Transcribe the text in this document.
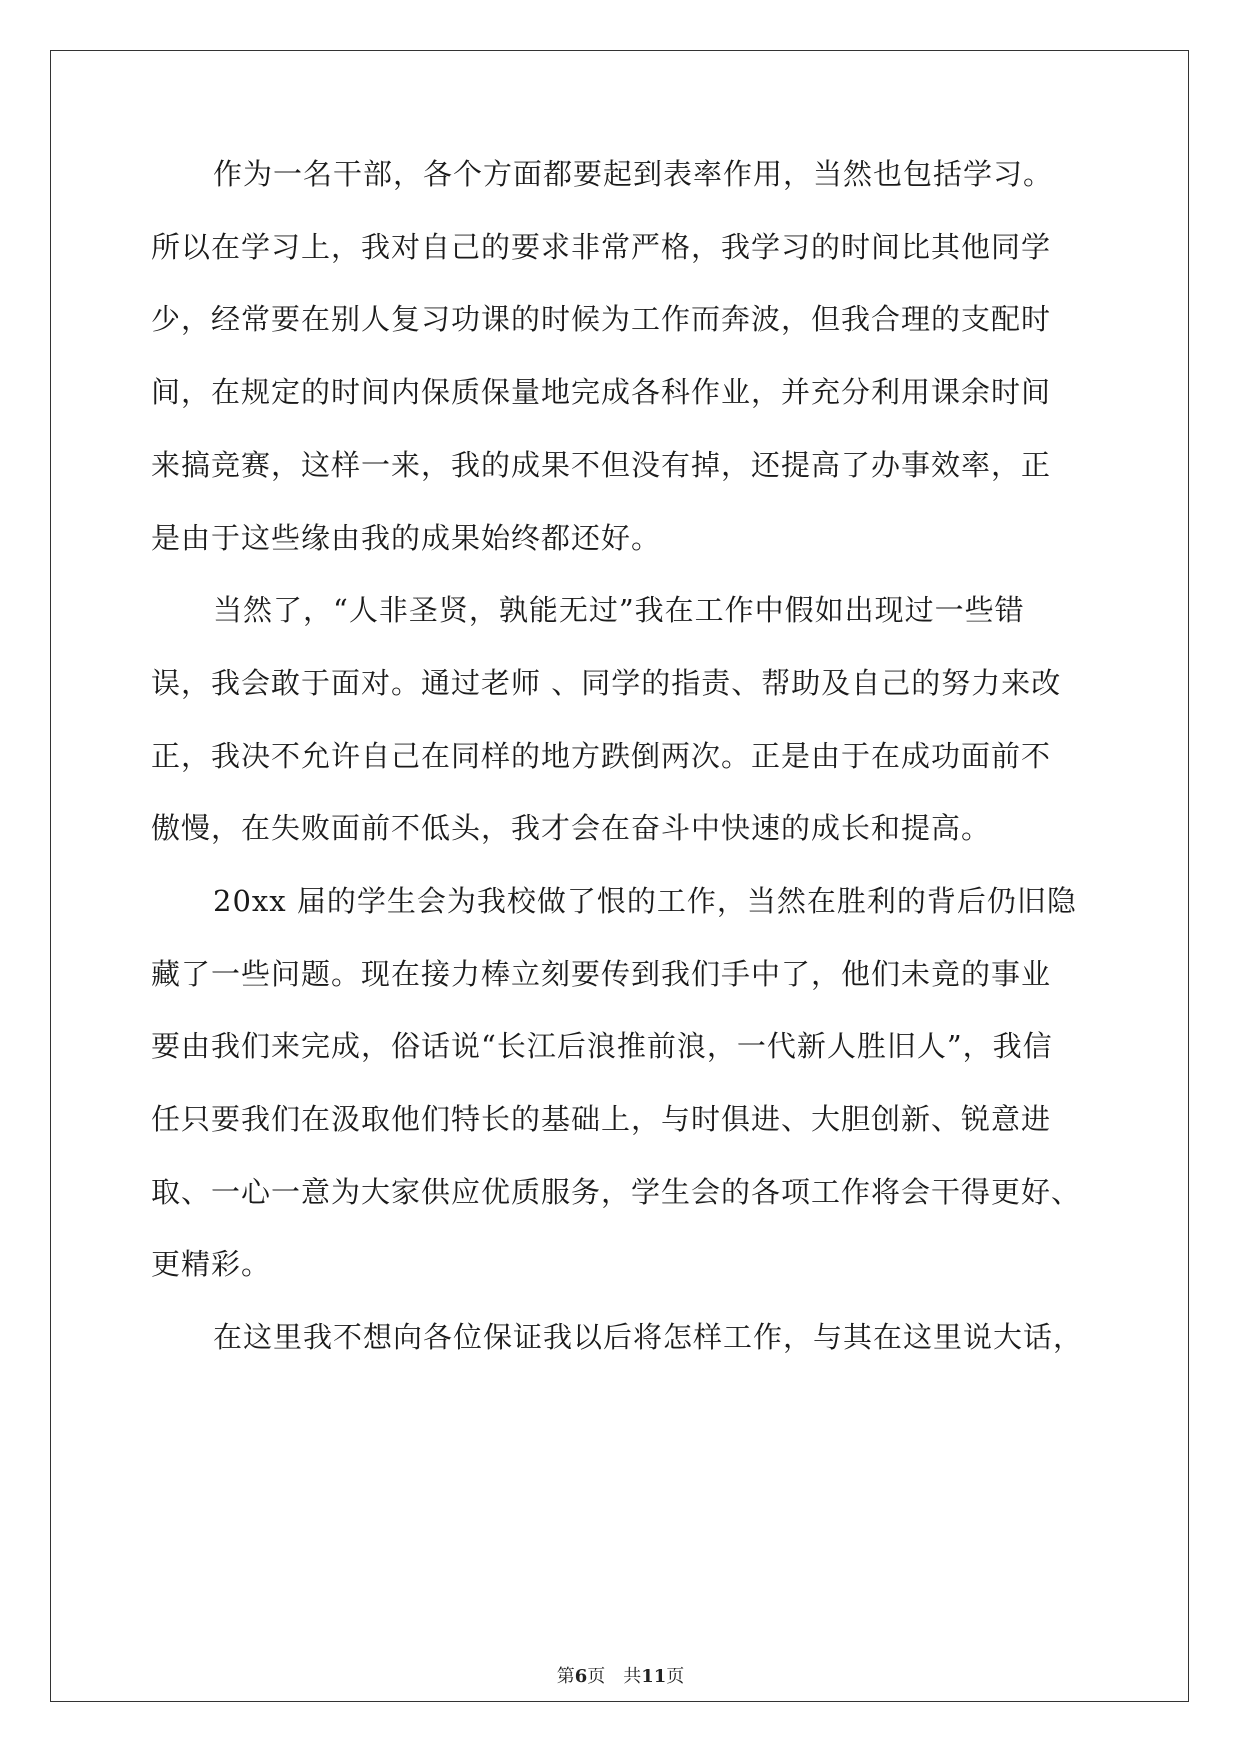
作为一名干部，各个方面都要起到表率作用，当然也包括学习。
所以在学习上，我对自己的要求非常严格，我学习的时间比其他同学
少，经常要在别人复习功课的时候为工作而奔波，但我合理的支配时
间，在规定的时间内保质保量地完成各科作业，并充分利用课余时间
来搞竞赛，这样一来，我的成果不但没有掉，还提高了办事效率，正
是由于这些缘由我的成果始终都还好。
当然了，“人非圣贤，孰能无过”我在工作中假如出现过一些错
误，我会敢于面对。通过老师 、同学的指责、帮助及自己的努力来改
正，我决不允许自己在同样的地方跌倒两次。正是由于在成功面前不
傲慢，在失败面前不低头，我才会在奋斗中快速的成长和提高。
20xx 届的学生会为我校做了恨的工作，当然在胜利的背后仍旧隐
藏了一些问题。现在接力棒立刻要传到我们手中了，他们未竟的事业
要由我们来完成，俗话说“长江后浪推前浪，一代新人胜旧人”，我信
任只要我们在汲取他们特长的基础上，与时俱进、大胆创新、锐意进
取、一心一意为大家供应优质服务，学生会的各项工作将会干得更好、
更精彩。
在这里我不想向各位保证我以后将怎样工作，与其在这里说大话，
第6页 共11页
